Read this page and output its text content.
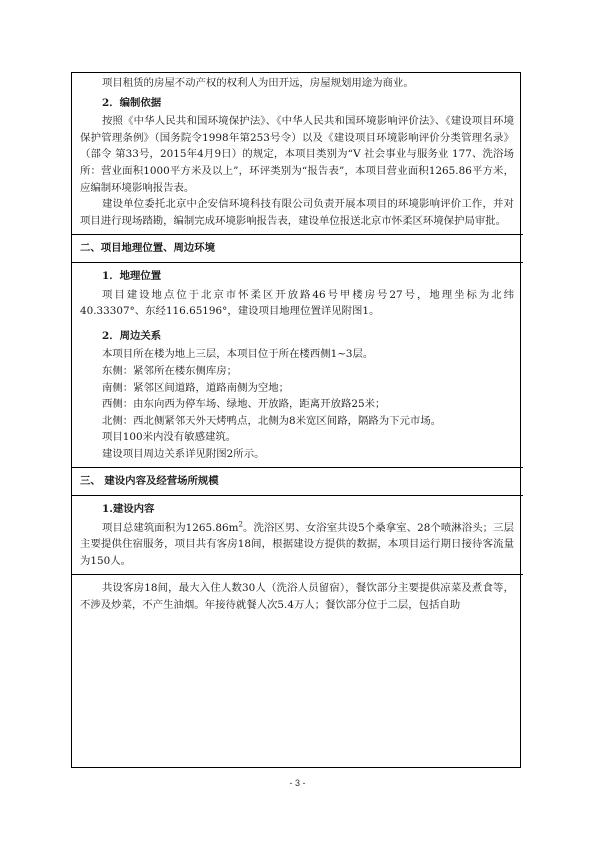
项目租赁的房屋不动产权的权利人为田开远，房屋规划用途为商业。

2．编制依据

按照《中华人民共和国环境保护法》、《中华人民共和国环境影响评价法》、《建设项目环境保护管理条例》（国务院令1998年第253号令）以及《建设项目环境影响评价分类管理名录》（部令 第33号，2015年4月9日）的规定，本项目类别为“Ⅴ 社会事业与服务业 177、洗浴场所：营业面积1000平方米及以上”，环评类别为“报告表”，本项目营业面积1265.86平方米，应编制环境影响报告表。

建设单位委托北京中企安信环境科技有限公司负责开展本项目的环境影响评价工作，并对项目进行现场踏勘，编制完成环境影响报告表，建设单位报送北京市怀柔区环境保护局审批。

二、项目地理位置、周边环境

1．地理位置

项目建设地点位于北京市怀柔区开放路46号甲楼房号27号，地理坐标为北纬40.33307°、东经116.65196°，建设项目地理位置详见附图1。

2．周边关系

本项目所在楼为地上三层，本项目位于所在楼西侧1~3层。

东侧：紧邻所在楼东侧库房；

南侧：紧邻区间道路，道路南侧为空地；

西侧：由东向西为停车场、绿地、开放路，距离开放路25米；

北侧：西北侧紧邻天外天烤鸭点，北侧为8米宽区间路，隔路为下元市场。

项目100米内没有敏感建筑。

建设项目周边关系详见附图2所示。

三、 建设内容及经营场所规模

1.建设内容

项目总建筑面积为$1265.86m^2$。洗浴区男、女浴室共设5个桑拿室、28个喷淋浴头；三层主要提供住宿服务，项目共有客房18间，根据建设方提供的数据，本项目运行期日接待客流量为150人。

共设客房18间，最大入住人数30人（洗浴人员留宿），餐饮部分主要提供凉菜及煮食等，不涉及炒菜，不产生油烟。年接待就餐人次5.4万人；餐饮部分位于二层，包括自助

- 3 -
